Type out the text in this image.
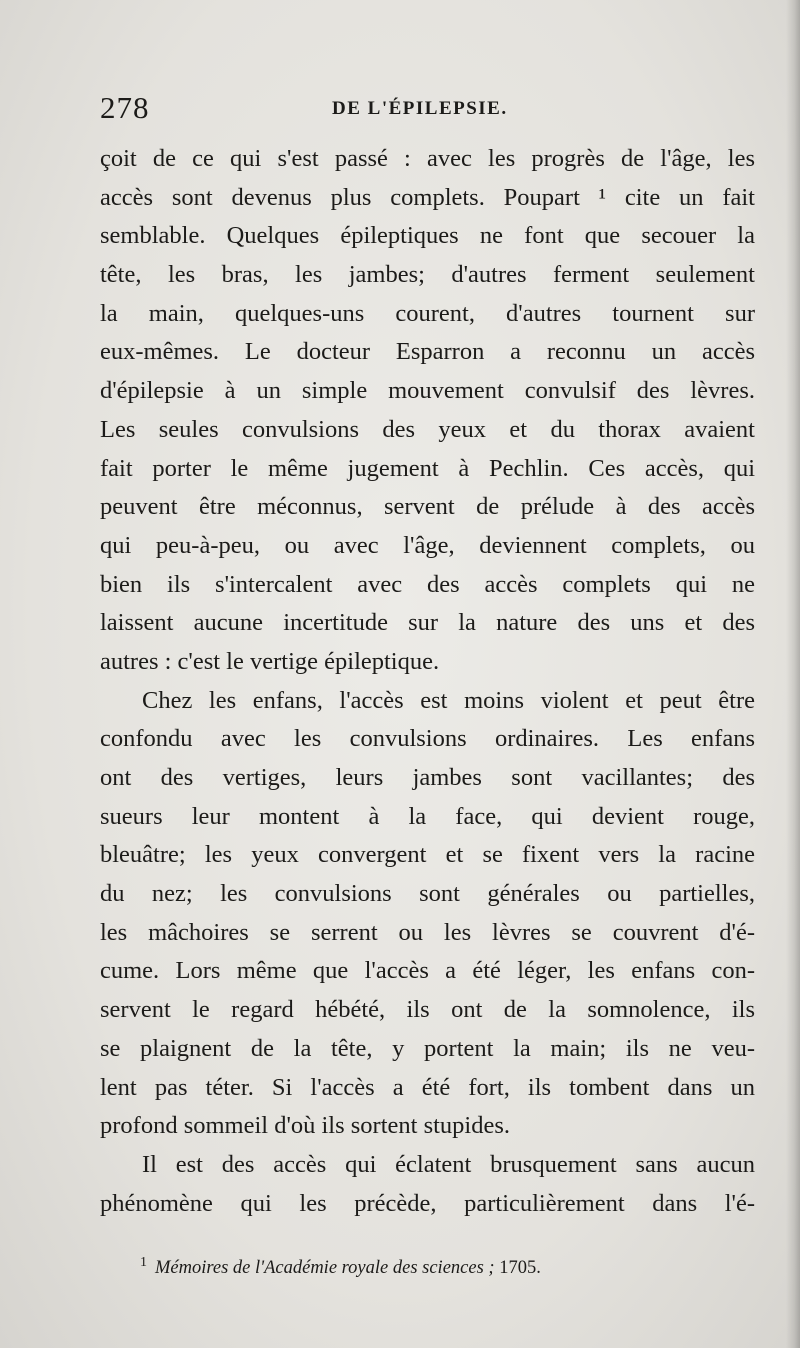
278	DE L'ÉPILEPSIE.
çoit de ce qui s'est passé : avec les progrès de l'âge, les
accès sont devenus plus complets. Poupart ¹ cite un fait
semblable. Quelques épileptiques ne font que secouer la
tête, les bras, les jambes; d'autres ferment seulement
la main, quelques-uns courent, d'autres tournent sur
eux-mêmes. Le docteur Esparron a reconnu un accès
d'épilepsie à un simple mouvement convulsif des lèvres.
Les seules convulsions des yeux et du thorax avaient
fait porter le même jugement à Pechlin. Ces accès, qui
peuvent être méconnus, servent de prélude à des accès
qui peu-à-peu, ou avec l'âge, deviennent complets, ou
bien ils s'intercalent avec des accès complets qui ne
laissent aucune incertitude sur la nature des uns et des
autres : c'est le vertige épileptique.
Chez les enfans, l'accès est moins violent et peut être
confondu avec les convulsions ordinaires. Les enfans
ont des vertiges, leurs jambes sont vacillantes; des
sueurs leur montent à la face, qui devient rouge,
bleuâtre; les yeux convergent et se fixent vers la racine
du nez; les convulsions sont générales ou partielles,
les mâchoires se serrent ou les lèvres se couvrent d'é-
cume. Lors même que l'accès a été léger, les enfans con-
servent le regard hébété, ils ont de la somnolence, ils
se plaignent de la tête, y portent la main; ils ne veu-
lent pas téter. Si l'accès a été fort, ils tombent dans un
profond sommeil d'où ils sortent stupides.
Il est des accès qui éclatent brusquement sans aucun
phénomène qui les précède, particulièrement dans l'é-
$^1$ Mémoires de l'Académie royale des sciences ; 1705.
